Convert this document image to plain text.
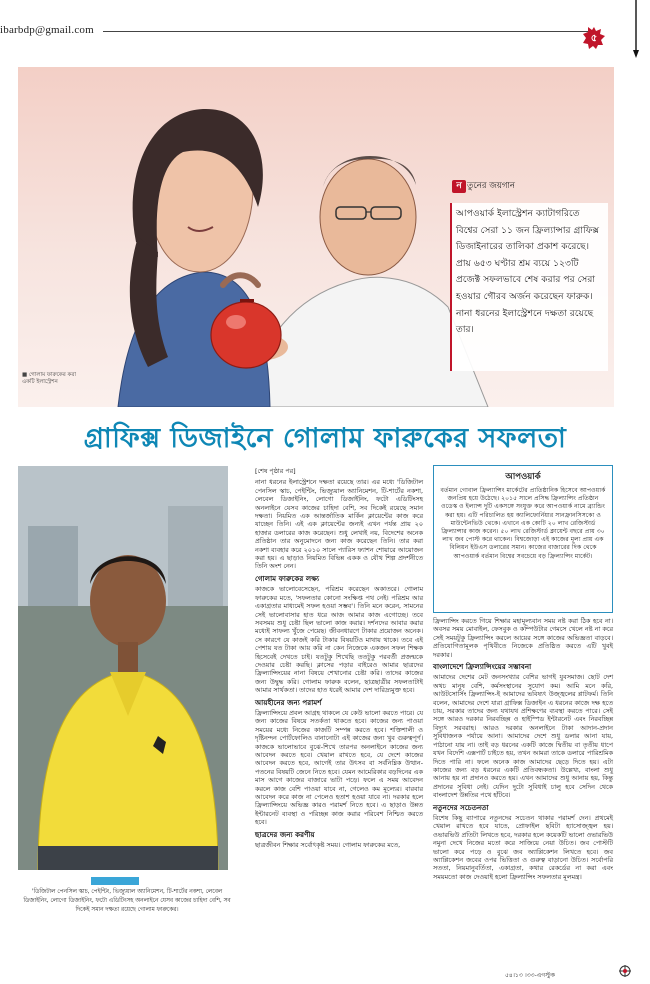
ibarbdp@gmail.com
৫
■ গোলাম ফারুকের করা একটি ইলাস্ট্রেশন
ন তুনের জয়গান
আপওয়ার্ক ইলাস্ট্রেশন ক্যাটাগরিতে বিশ্বের সেরা ১১ জন ফ্রিল্যান্সার গ্রাফিক্স ডিজাইনারের তালিকা প্রকাশ করেছে। প্রায় ৬৫৩ ঘণ্টার শ্রম ব্যয়ে ১২৩টি প্রজেক্ট সফলভাবে শেষ করার পর সেরা হওয়ার গৌরব অর্জন করেছেন ফারুক। নানা ধরনের ইলাস্ট্রেশনে দক্ষতা রয়েছে তার।
গ্রাফিক্স ডিজাইনে গোলাম ফারুকের সফলতা
'ডিজিটাল পেনসিল স্কাচ, পেইন্টিং, ভিজ্যুয়াল অ্যানিমেশন, টি-শার্টের নকশা, লেবেল ডিজাইনিং, লোগো ডিজাইনিং, ফটো এডিটিংসহ অনলাইনে যেসব কাজের চাহিদা বেশি, সব দিকেই সমান দক্ষতা রয়েছে গোলাম ফারুকের।

[শেষ পৃষ্ঠার পর]

নানা ধরনের ইলাস্ট্রেশনে দক্ষতা রয়েছে তার। এর মধ্যে 'ডিজিটাল পেনসিল স্কাচ, পেইন্টিং, ভিজ্যুয়াল অ্যানিমেশন, টি-শার্টের নকশা, লেবেল ডিজাইনিং, লোগো ডিজাইনিং, ফটো এডিটিংসহ অনলাইনে যেসব কাজের চাহিদা বেশি, সব দিকেই রয়েছে সমান দক্ষতা। নিয়মিত এক আন্তর্জাতিক মার্কিন ক্লায়েন্টের কাজ করে যাচ্ছেন তিনি। এই এক ক্লায়েন্টের জন্যই এখন পর্যন্ত প্রায় ২০ হাজার ডলারের কাজ করেছেন। শুধু লেখাই নয়, বিদেশের অনেক প্রতিষ্ঠান তার অনুমোদনে জন্য কাজ করেছেন তিনি। তার করা নকশা ব্যবহার করে ২০১০ সালে প্যারিস ফ্যাশন শোয়ারে আয়োজন করা হয়। এ ছাড়াও নিয়মিত বিভিন্ন একক ও যৌথ শিল্প প্রদর্শনীতে তিনি অংশ নেন।

গোলাম ফারুকের লক্ষ্য

কাজকে ভালোবেসেছেন, পরিশ্রম করেছেন অকাতরে। গোলাম ফারুকের মতে, 'সফলতার কোনো সংক্ষিপ্ত পথ নেই। পরিশ্রম আর একাগ্রতার মাধ্যমেই সফল হওয়া সম্ভব'। তিনি মনে করেন, সামনের সেই ভালোবাসার হাত ধরে আজ আমার কাজ এগোচ্ছে। তবে সবসময় শুধু চেষ্টা ছিল ভালো কাজ করার। দর্শনদের আবার করার মধ্যেই সাফল্য খুঁজে পেয়েছ। জীবনধারণে টাকার প্রয়োজন অনেক। সে কারণে যে কাজই করি টাকার বিষয়টিও মাথায় থাকে। তবে এই পেশায় যত টাকা আয় করি না কেন নিজেকে একজন সফল শিক্ষক হিসেবেই দেখতে চাই। যতটুকু শিখেছি ততটুকু পরবর্তী প্রজন্মকে দেওয়ার চেষ্টা করছি। ক্লাসের পড়ার বাইরেও আমার ছাত্রদের ফ্রিল্যান্সিংয়ের নানা বিষয়ে শেখানোর চেষ্টা করি। তাদের কাজের জন্য উদ্বুদ্ধ করি। গোলাম ফারুক বলেন, ছাত্রছাত্রীর সফলতাটাই আমার সার্থকতা। তাদের হাত ধরেই আমার দেশ দারিদ্র্যমুক্ত হবে।

আয়হীনের জন্য পরামর্শ

ফ্রিল্যান্সিংয়ে প্রবল আগ্রহ থাকলে যে কেউ ভালো করতে পারে। যে জন্য কাজের বিষয়ে সতর্কতা থাকতে হবে। কাজের জন্য পাওয়া সময়ের মধ্যে নিজের কাজটি সম্পন্ন করতে হবে। শক্তিশালী ও দৃষ্টিনন্দন পোর্টফোলিও বানানোটা এই কাজের জন্য খুব গুরুত্বপূর্ণ। কাজকে ভালোভাবে বুঝে-শিখে তারপর অনলাইনে কাজের জন্য আবেদন করতে হবে। খেয়াল রাখতে হবে, যে দেশে কাজের আবেদন করতে হবে, আগেই তার উৎসব বা সর্বনিম্নিক উত্থান-পতনের বিষয়টি জেনে নিতে হবে। যেমন আমেরিকার বড়দিনের এক মাস আগে কাজের বাজারে ভাটা পড়ে। ফলে এ সময় আবেদন করলে কাজ বেশি পাওয়া যাবে না, গেলেও কম মূল্যের। বারবার আবেদন করে কাজ না পেলেও হতাশ হওয়া যাবে না। দরকার হলে ফ্রিল্যান্সিংয়ে অভিজ্ঞ কারও পরামর্শ নিতে হবে। এ ছাড়াও উন্নত ইন্টারনেট ব্যবস্থা ও পরিচ্ছন্ন কাজ করার পরিবেশ নিশ্চিত করতে হবে।

ছাত্রদের জন্য করণীয়

ছাত্রজীবন শিক্ষার সর্বোৎকৃষ্ট সময়। গোলাম ফারুকের মতে,

আপওয়ার্ক
বর্তমান গোবাল ফ্রিল্যান্সিং মার্কেটের প্রাতিষ্ঠানিক হিসেবে আপওয়ার্ক জনপ্রিয় হয়ে উঠেছে। ২০১৫ সালে প্রসিদ্ধ ফ্রিল্যান্সিং প্রতিষ্ঠান ওডেস্ক ও ইল্যান্স দুটি একসঙ্গে সংযুক্ত করে আপওয়ার্ক নামে ব্র্যান্ডিং করা হয়। এটি পরিচালিত হয় ক্যালিফোর্নিয়ার সানফ্রানসিসকো ও মাউন্টেনভিউ থেকে। এখানে এক কোটি ২০ লাখ রেজিস্টার্ড ফ্রিল্যান্সার কাজ করেন। ৫০ লাখ রেজিস্টার্ড ক্লায়েন্ট বছরে প্রায় ৩০ লাখ জব পোস্ট করে থাকেন। বিশ্বজোড়া এই কাজের মূল্য প্রায় এক বিলিয়ন ইউএস ডলারের সমান। কাজের বাজারের দিক থেকে আপওয়ার্ক বর্তমান বিশ্বের সবচেয়ে বড় ফ্রিল্যান্সিং মার্কেট।

ফ্রিল্যান্সিং করতে গিয়ে শিক্ষার মহামূল্যবান সময় নষ্ট করা ঠিক হবে না। অবসর সময় মোবাইল, ফেসবুক ও কম্পিউটার গেমসে খেলে নষ্ট না করে সেই সময়টুকু ফ্রিল্যান্সিং করলে আয়ের সঙ্গে কাজের অভিজ্ঞতা বাড়বে। প্রতিযোগিতামূলক পৃথিবীতে নিজেকে প্রতিষ্ঠিত করতে এটি খুবই দরকার।

বাংলাদেশে ফ্রিল্যান্সিংয়ের সম্ভাবনা

আমাদের দেশের মেট জনসংখ্যার বেশির ভাগই যুবসমাজ। ছোট দেশ অথচ মানুষ বেশি, কর্মসংস্থানের সুযোগ কম। আমি মনে করি, আউটসোর্সিং ফ্রিল্যান্সিং-ই আমাদের ভবিষ্যৎ উজ্জ্বলের প্লাটফর্ম। তিনি বলেন, আমাদের দেশে যারা গ্রাফিক্স ডিজাইন এ ধরনের কাজে দক্ষ হতে চায়, সরকার তাদের জন্য যথাযথ প্রশিক্ষণের ব্যবস্থা করতে পারে। সেই সঙ্গে আরও দরকার নিরবচ্ছিন্ন ও হাইস্পিড ইন্টারনেট এবং নিরবচ্ছিন্ন বিদ্যুৎ সরবরাহ। আরও দরকার অনলাইনে টাকা আদান-প্রদান সুবিধাজনক পর্যায়ে আনা। আমাদের দেশে শুধু ডলার আনা যায়, পাঠানো যায় না। তাই বড় ধরনের একটি কাজে দ্বিতীয় বা তৃতীয় ধাপে যখন বিদেশি এক্সপার্ট চাইতে হয়, তখন আমরা তাকে ডলারে পারিশ্রমিক দিতে পারি না। ফলে অনেক কাজ আমাদের ছেড়ে দিতে হয়। এটা কাজের জন্য বড় ধরনের একটি প্রতিবন্ধকতা। উল্লেখ্য, বাংলা শুধু আনায় হয় না প্রদানও করতে হয়। এখন আমাদের শুধু আনায় হয়, কিন্তু প্রদানের সুবিধা নেই। যেদিন দুটো সুবিধাই চালু হবে সেদিন থেকে বাংলাদেশ উন্নতির পথে হাঁটবে।

নতুনদের সচেতনতা

বিশেষ কিছু ব্যাপারে নতুনদের সচেতন থাকার পরামর্শ দেন। প্রথমেই খেয়াল রাখতে হবে যাতে, প্রোফাইল ছবিটা হ্যাসোজ্জ্বল হয়। ওভারভিউ প্রতিটা লিখতে হবে, দরকার হলে কয়েকটি ভালো ওভারভিউ নমুনা দেখে নিজের মতো করে সাজিয়ে নেয়া উচিত। জব পোস্টটি ভালো করে পড়ে ও বুঝে জব অ্যাপ্লিকেশন লিখতে হবে। জব অ্যাপ্লিকেশন জবের ওপর ভিত্তিতা ও গুরুত্ব বাড়ানো উচিত। সর্বোপরি সততা, নিয়মানুবর্তিতা, একাগ্রতা, কথার রেকর্ডের না করা এবং সময়মতো কাজ দেওয়াই হলো ফ্রিল্যান্সিং সফলতার মূলমন্ত্র।

৫৪।১৩ ।৩৩-এগস্টুক
